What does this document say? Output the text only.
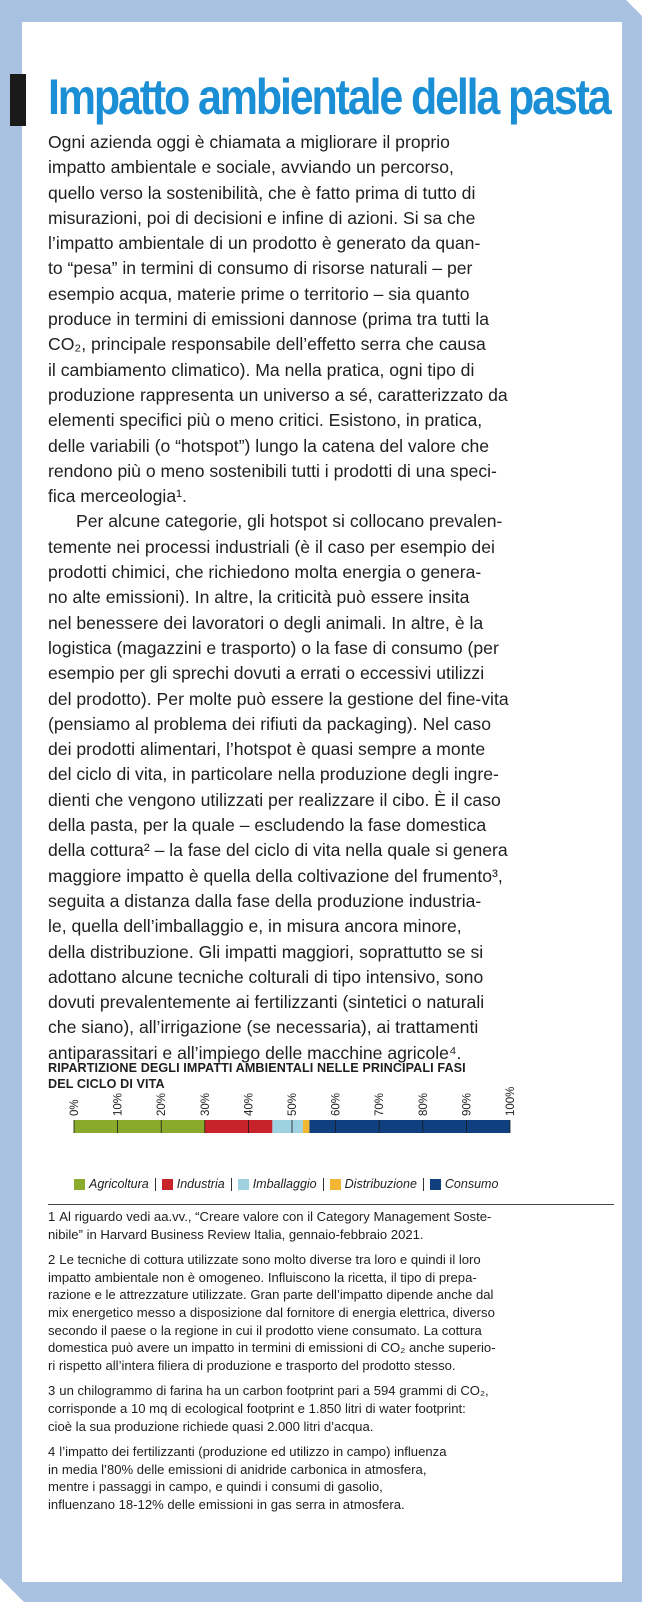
Impatto ambientale della pasta
Ogni azienda oggi è chiamata a migliorare il proprio
impatto ambientale e sociale, avviando un percorso,
quello verso la sostenibilità, che è fatto prima di tutto di
misurazioni, poi di decisioni e infine di azioni. Si sa che
l’impatto ambientale di un prodotto è generato da quan-
to “pesa” in termini di consumo di risorse naturali – per
esempio acqua, materie prime o territorio – sia quanto
produce in termini di emissioni dannose (prima tra tutti la
CO₂, principale responsabile dell’effetto serra che causa
il cambiamento climatico). Ma nella pratica, ogni tipo di
produzione rappresenta un universo a sé, caratterizzato da
elementi specifici più o meno critici. Esistono, in pratica,
delle variabili (o “hotspot”) lungo la catena del valore che
rendono più o meno sostenibili tutti i prodotti di una speci-
fica merceologia¹.
Per alcune categorie, gli hotspot si collocano prevalen-
temente nei processi industriali (è il caso per esempio dei
prodotti chimici, che richiedono molta energia o genera-
no alte emissioni). In altre, la criticità può essere insita
nel benessere dei lavoratori o degli animali. In altre, è la
logistica (magazzini e trasporto) o la fase di consumo (per
esempio per gli sprechi dovuti a errati o eccessivi utilizzi
del prodotto). Per molte può essere la gestione del fine-vita
(pensiamo al problema dei rifiuti da packaging). Nel caso
dei prodotti alimentari, l’hotspot è quasi sempre a monte
del ciclo di vita, in particolare nella produzione degli ingre-
dienti che vengono utilizzati per realizzare il cibo. È il caso
della pasta, per la quale – escludendo la fase domestica
della cottura² – la fase del ciclo di vita nella quale si genera
maggiore impatto è quella della coltivazione del frumento³,
seguita a distanza dalla fase della produzione industria-
le, quella dell’imballaggio e, in misura ancora minore,
della distribuzione. Gli impatti maggiori, soprattutto se si
adottano alcune tecniche colturali di tipo intensivo, sono
dovuti prevalentemente ai fertilizzanti (sintetici o naturali
che siano), all’irrigazione (se necessaria), ai trattamenti
antiparassitari e all’impiego delle macchine agricole⁴.
RIPARTIZIONE DEGLI IMPATTI AMBIENTALI NELLE PRINCIPALI FASI
DEL CICLO DI VITA
0%	10%	20%	30%	40%	50%	60%	70%	80%	90%	100%
Agricoltura Industria Imballaggio Distribuzione Consumo
1 Al riguardo vedi aa.vv., “Creare valore con il Category Management Soste-
nibile” in Harvard Business Review Italia, gennaio-febbraio 2021.
2 Le tecniche di cottura utilizzate sono molto diverse tra loro e quindi il loro
impatto ambientale non è omogeneo. Influiscono la ricetta, il tipo di prepa-
razione e le attrezzature utilizzate. Gran parte dell’impatto dipende anche dal
mix energetico messo a disposizione dal fornitore di energia elettrica, diverso
secondo il paese o la regione in cui il prodotto viene consumato. La cottura
domestica può avere un impatto in termini di emissioni di CO₂ anche superio-
ri rispetto all’intera filiera di produzione e trasporto del prodotto stesso.
3 un chilogrammo di farina ha un carbon footprint pari a 594 grammi di CO₂,
corrisponde a 10 mq di ecological footprint e 1.850 litri di water footprint:
cioè la sua produzione richiede quasi 2.000 litri d’acqua.
4 l’impatto dei fertilizzanti (produzione ed utilizzo in campo) influenza
in media l’80% delle emissioni di anidride carbonica in atmosfera,
mentre i passaggi in campo, e quindi i consumi di gasolio,
influenzano 18-12% delle emissioni in gas serra in atmosfera.
